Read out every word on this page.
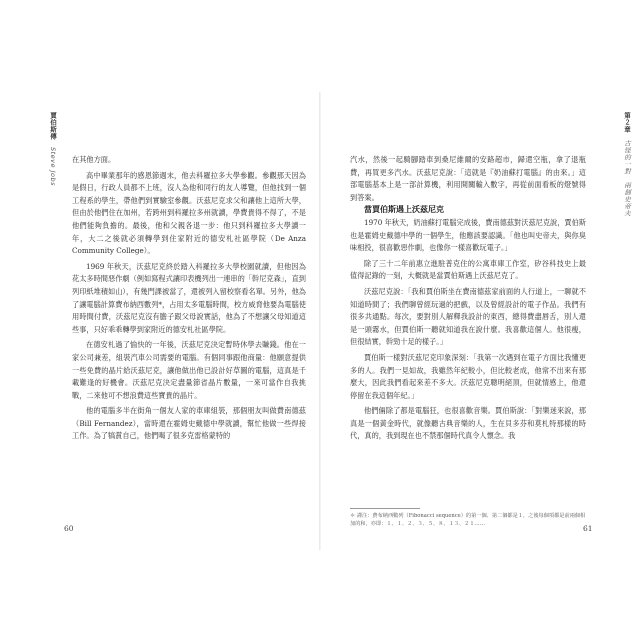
賈伯斯傳 Steve Jobs
第２章 古怪的一對　兩個史帝夫

在其他方面。

高中畢業那年的感恩節週末，他去科羅拉多大學參觀。參觀那天因為是假日，行政人員都不上班，沒人為他和同行的友人導覽，但他找到一個工程系的學生，帶他們到實驗室參觀。沃茲尼克求父和讓他上這所大學，但由於他們住在加州，若跨州到科羅拉多州就讀，學費貴得不得了，不是他們能夠負擔的。最後，他和父親各退一步：他只到科羅拉多大學讀一年，大二之後就必須轉學到住家附近的德安札社區學院（De Anza Community College）。

1969 年秋天，沃茲尼克終於踏入科羅拉多大學校園就讀，但他因為花太多時間惡作劇（例如寫程式讓印表機列出一連串的「幹尼克森」，直到列印紙堆積如山），有幾門課被當了，還被列入留校察看名單。另外，他為了讓電腦計算費布納西數列*，占用太多電腦時間，校方威脅他要為電腦使用時間付費，沃茲尼克沒有膽子跟父母說實話，他為了不想讓父母知道這些事，只好乖乖轉學到家附近的德安札社區學院。

在德安札過了愉快的一年後，沃茲尼克決定暫時休學去賺錢。他在一家公司兼差，組裝汽車公司需要的電腦。有個同事跟他商量：他願意提供一些免費的晶片給沃茲尼克，讓他做出他已設計好草圖的電腦，這真是千載難逢的好機會。沃茲尼克決定盡量節省晶片數量，一來可當作自我挑戰，二來他可不想浪費這些寶貴的晶片。

他的電腦多半在街角一個友人家的車庫組裝，那個朋友叫做費南德茲（Bill Fernandez），當時還在霍姆史戴德中學就讀，幫忙他做一些焊接工作。為了犒賞自己，他們喝了很多克雷格蒙特的

汽水，然後一起騎腳踏車到桑尼維爾的安路超市，歸還空瓶，拿了退瓶費，再買更多汽水。沃茲尼克說：「這就是『奶油蘇打電腦』的由來。」這部電腦基本上是一部計算機，利用開關輸入數字，再從前面看板的燈號得到答案。

當賈伯斯遇上沃茲尼克

1970 年秋天，奶油蘇打電腦完成後，費南德茲對沃茲尼克說，賈伯斯也是霍姆史戴德中學的一個學生，他應該要認識。「他也叫史帝夫，與你臭味相投，很喜歡惡作劇，也像你一樣喜歡玩電子。」

除了三十二年前惠立進駐普克住的公寓車庫工作室，矽谷科技史上最值得記錄的一刻，大概就是當賈伯斯遇上沃茲尼克了。

沃茲尼克說：「我和賈伯斯坐在費南德茲家前面的人行道上，一聊就不知道時間了；我們聊曾經玩過的把戲，以及曾經設計的電子作品。我們有很多共通點。每次，要對別人解釋我設計的東西，總得費盡唇舌，別人還是一頭霧水，但賈伯斯一聽就知道我在說什麼。我喜歡這個人。他很瘦，但很結實，幹勁十足的樣子。」

賈伯斯一樣對沃茲尼克印象深刻：「我第一次遇到在電子方面比我懂更多的人。我們一見如故，我雖然年紀較小，但比較老成，他常不出來有那麼大，因此我們看起來差不多大。沃茲尼克聰明絕頂，但就情感上，他還停留在我這個年紀。」

他們倆除了都是電腦狂，也很喜歡音樂。賈伯斯說：「對樂迷來說，那真是一個黃金時代，就像聽古典音樂的人，生在貝多芬和莫札特那樣的時代，真的，我到現在也不禁那個時代真令人懷念。我

＊ 譯注：費布納西數列（Fibonacci sequence）的第一個、第二個都是１，之後每個項都是前兩個相加的和，亦即：１、１、２、３、５、８、１３、２１……
60	61
